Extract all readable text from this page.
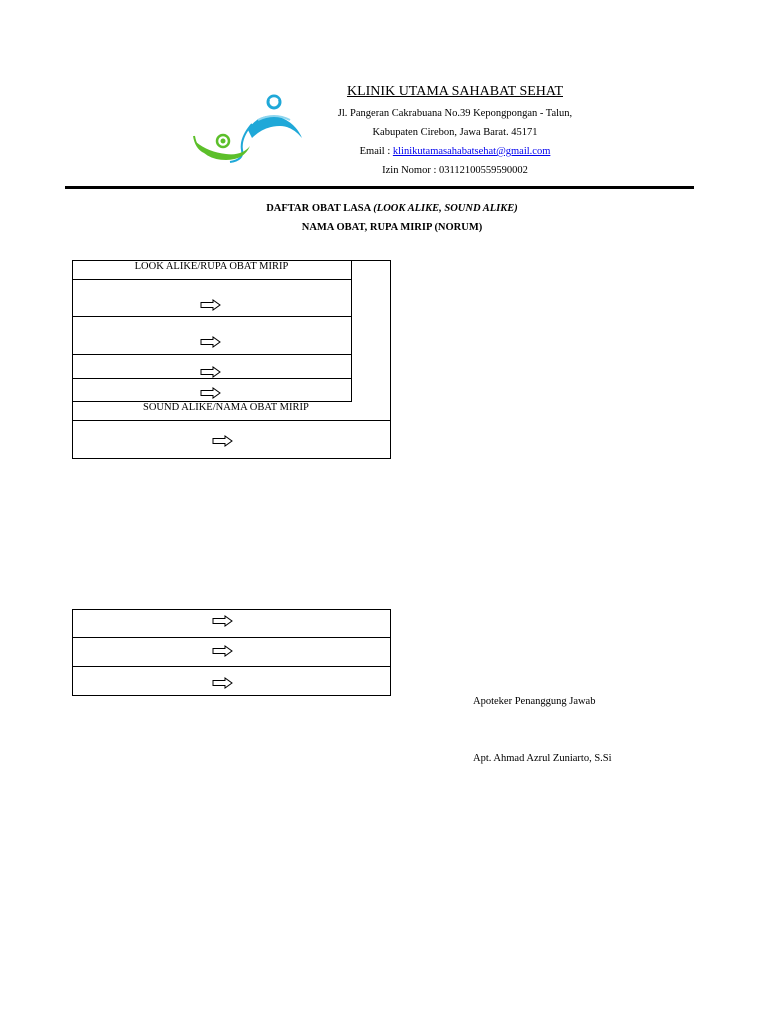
KLINIK UTAMA SAHABAT SEHAT
Jl. Pangeran Cakrabuana No.39 Kepongpongan - Talun,
Kabupaten Cirebon, Jawa Barat. 45171
Email : klinikutamasahabatsehat@gmail.com
Izin Nomor : 03112100559590002
DAFTAR OBAT LASA (LOOK ALIKE, SOUND ALIKE)
NAMA OBAT, RUPA MIRIP (NORUM)
LOOK ALIKE/RUPA OBAT MIRIP
SOUND ALIKE/NAMA OBAT MIRIP
Apoteker Penanggung Jawab
Apt. Ahmad Azrul Zuniarto, S.Si
